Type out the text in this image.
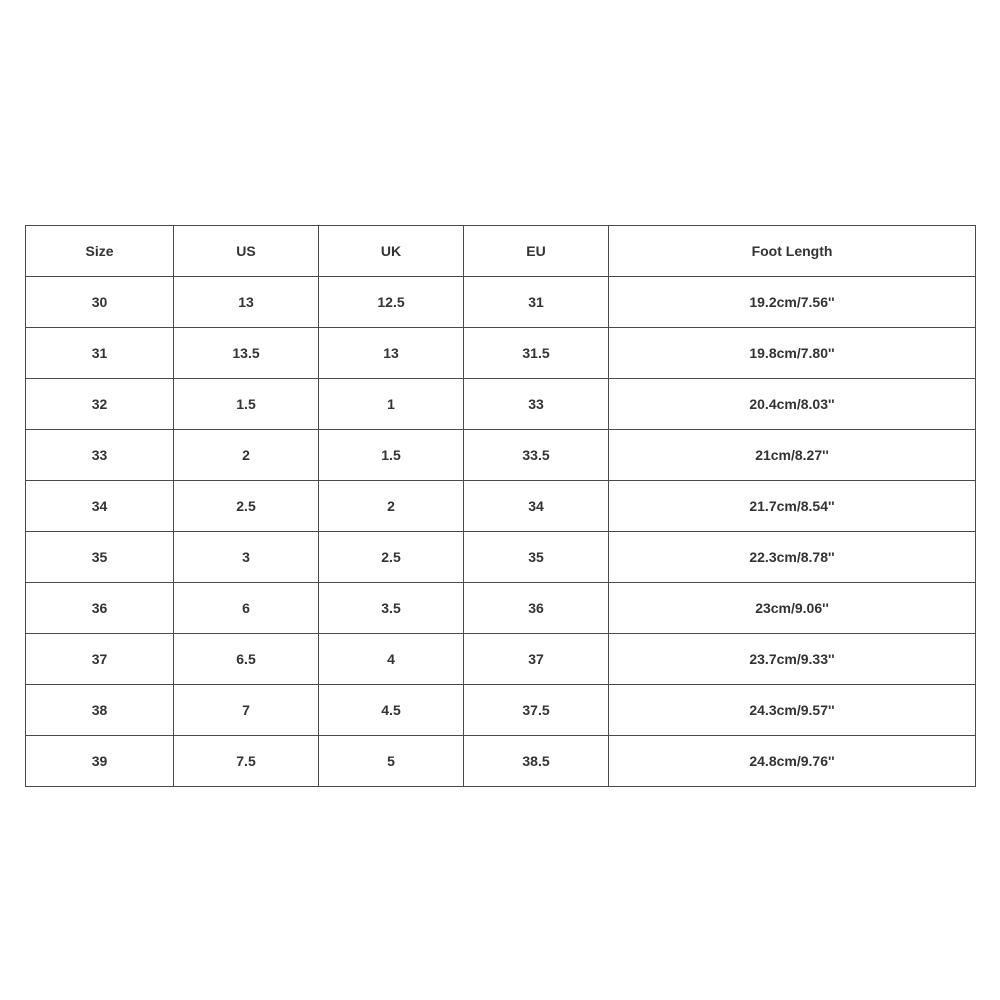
Size	US	UK	EU	Foot Length
30	13	12.5	31	19.2cm/7.56''
31	13.5	13	31.5	19.8cm/7.80''
32	1.5	1	33	20.4cm/8.03''
33	2	1.5	33.5	21cm/8.27''
34	2.5	2	34	21.7cm/8.54''
35	3	2.5	35	22.3cm/8.78''
36	6	3.5	36	23cm/9.06''
37	6.5	4	37	23.7cm/9.33''
38	7	4.5	37.5	24.3cm/9.57''
39	7.5	5	38.5	24.8cm/9.76''
